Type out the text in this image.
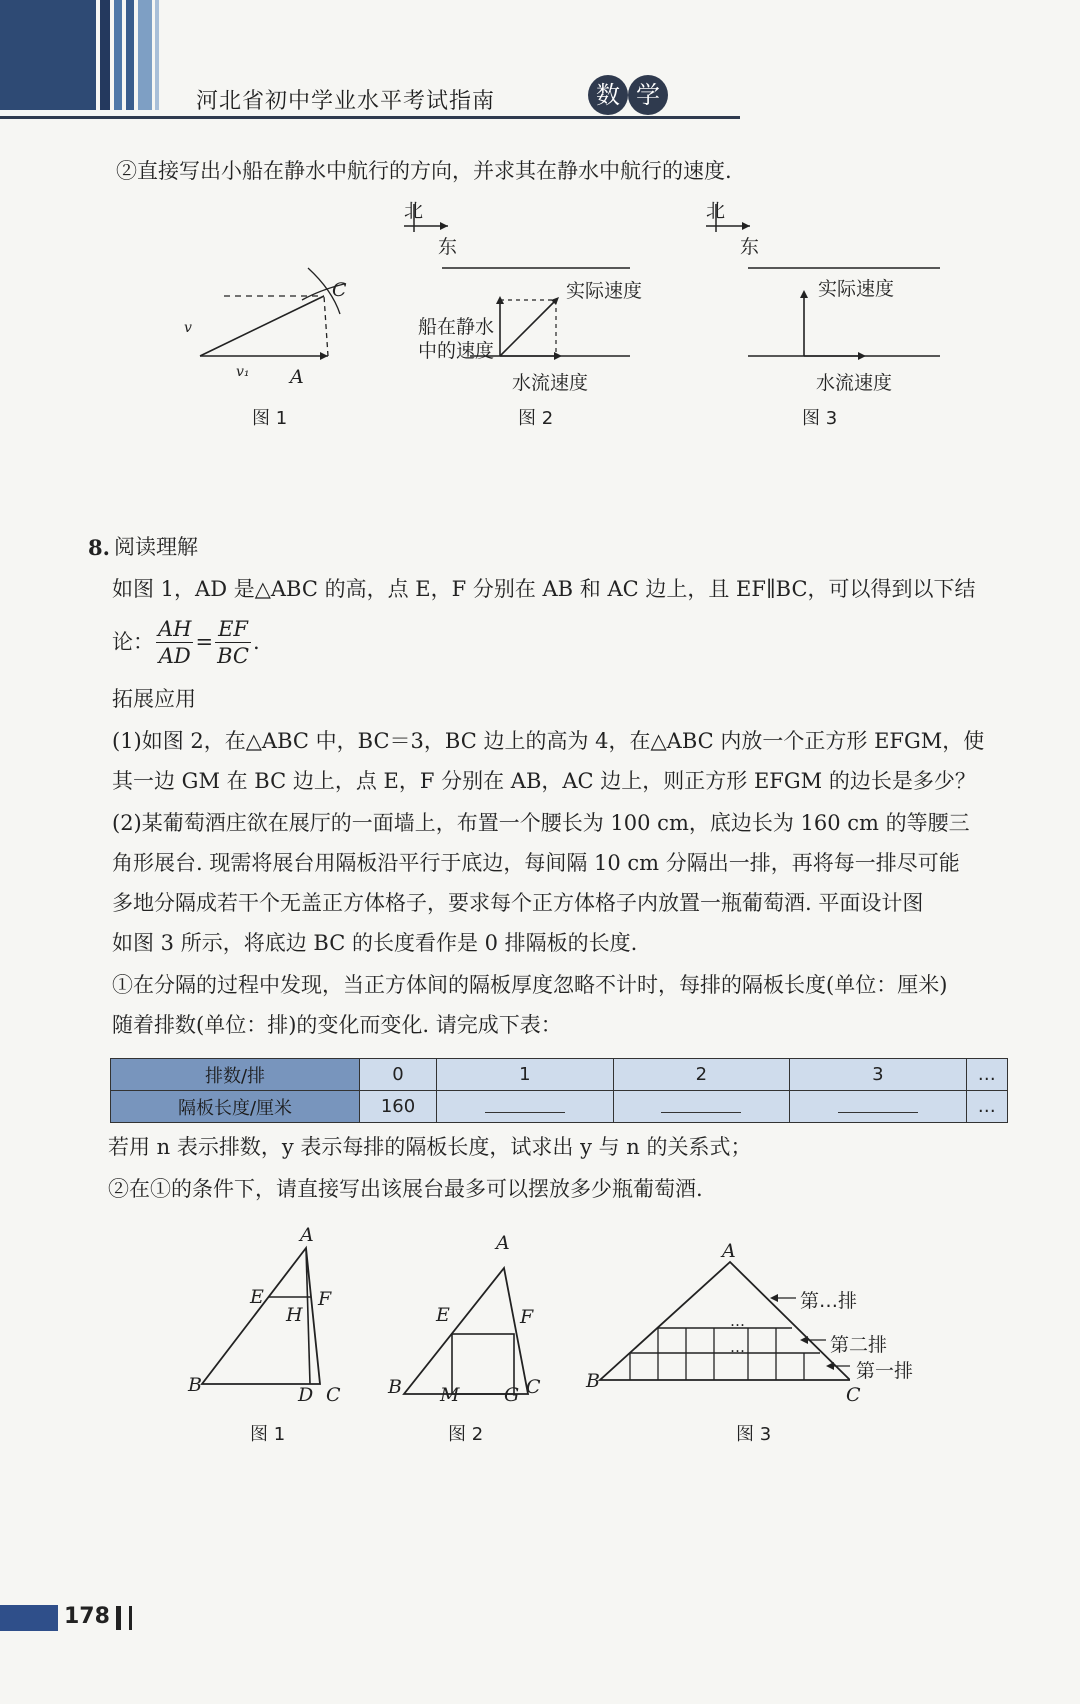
河北省初中学业水平考试指南	数 学
②直接写出小船在静水中航行的方向，并求其在静水中航行的速度.
C
A
v
v₁
图 1
北
东
实际速度
船在静水
中的速度
水流速度
图 2
北
东
实际速度
水流速度
图 3
8. 阅读理解
如图 1，AD 是△ABC 的高，点 E，F 分别在 AB 和 AC 边上，且 EF∥BC，可以得到以下结
论： $\frac{AH}{AD} = \frac{EF}{BC}$ .
拓展应用
(1)如图 2，在△ABC 中，BC＝3，BC 边上的高为 4，在△ABC 内放一个正方形 EFGM，使
其一边 GM 在 BC 边上，点 E，F 分别在 AB，AC 边上，则正方形 EFGM 的边长是多少？
(2)某葡萄酒庄欲在展厅的一面墙上，布置一个腰长为 100 cm，底边长为 160 cm 的等腰三
角形展台. 现需将展台用隔板沿平行于底边，每间隔 10 cm 分隔出一排，再将每一排尽可能
多地分隔成若干个无盖正方体格子，要求每个正方体格子内放置一瓶葡萄酒. 平面设计图
如图 3 所示，将底边 BC 的长度看作是 0 排隔板的长度.
①在分隔的过程中发现，当正方体间的隔板厚度忽略不计时，每排的隔板长度(单位：厘米)
随着排数(单位：排)的变化而变化. 请完成下表：
排数/排	0	1	2	3	…
隔板长度/厘米	160				…
若用 n 表示排数，y 表示每排的隔板长度，试求出 y 与 n 的关系式；
②在①的条件下，请直接写出该展台最多可以摆放多少瓶葡萄酒.
A
E	F
H
B	D C
图 1
A
E	F
B M G C
图 2
…
…
A
B
C
第…排
第二排
第一排
图 3
178
